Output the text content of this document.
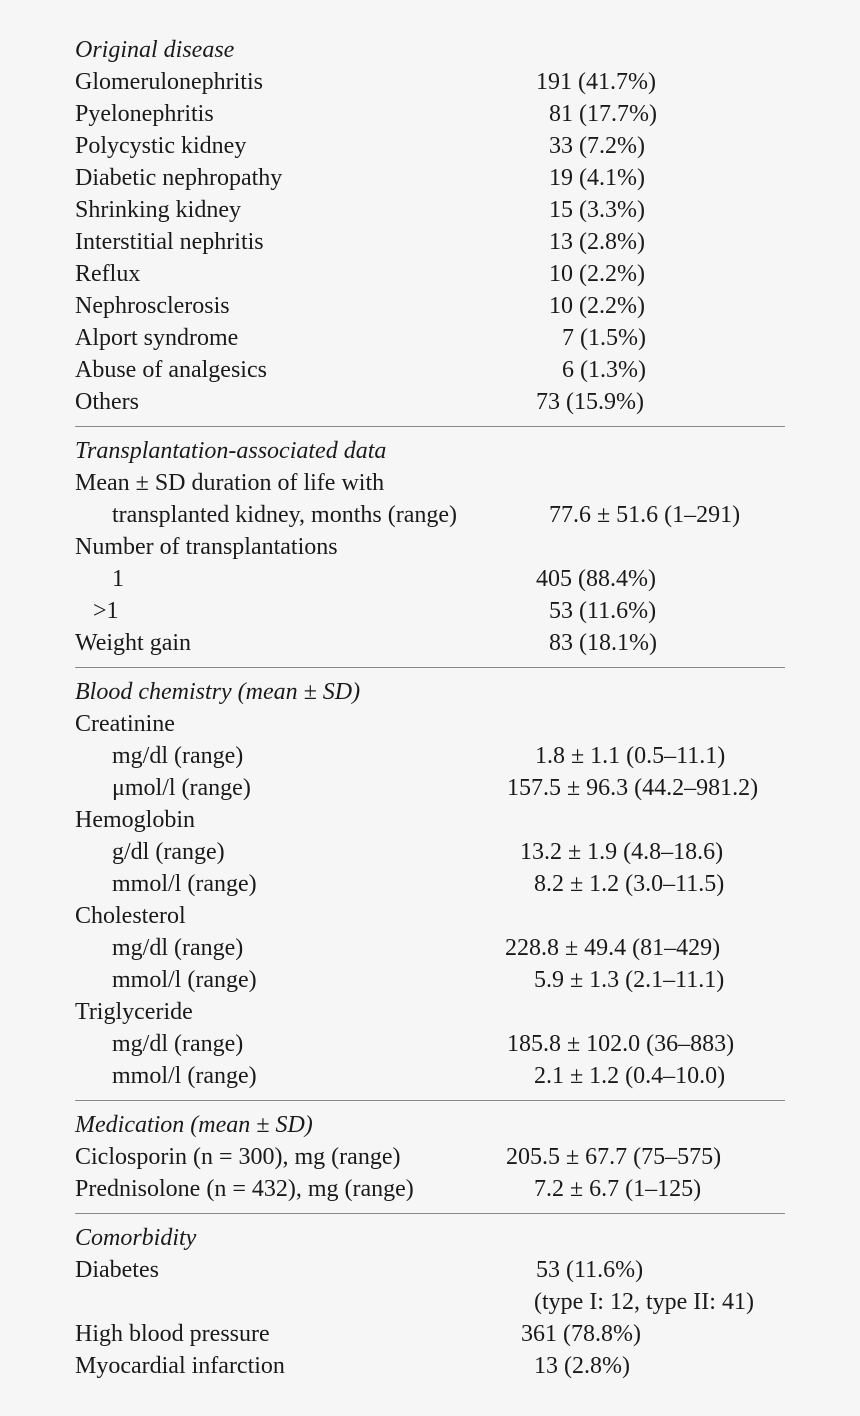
Original disease
Glomerulonephritis	191 (41.7%)
Pyelonephritis	81 (17.7%)
Polycystic kidney	33 (7.2%)
Diabetic nephropathy	19 (4.1%)
Shrinking kidney	15 (3.3%)
Interstitial nephritis	13 (2.8%)
Reflux	10 (2.2%)
Nephrosclerosis	10 (2.2%)
Alport syndrome	7 (1.5%)
Abuse of analgesics	6 (1.3%)
Others	73 (15.9%)
Transplantation-associated data
Mean ± SD duration of life with
transplanted kidney, months (range)	77.6 ± 51.6 (1–291)
Number of transplantations
1	405 (88.4%)
>1	53 (11.6%)
Weight gain	83 (18.1%)
Blood chemistry (mean ± SD)
Creatinine
mg/dl (range)	1.8 ± 1.1 (0.5–11.1)
μmol/l (range)	157.5 ± 96.3 (44.2–981.2)
Hemoglobin
g/dl (range)	13.2 ± 1.9 (4.8–18.6)
mmol/l (range)	8.2 ± 1.2 (3.0–11.5)
Cholesterol
mg/dl (range)	228.8 ± 49.4 (81–429)
mmol/l (range)	5.9 ± 1.3 (2.1–11.1)
Triglyceride
mg/dl (range)	185.8 ± 102.0 (36–883)
mmol/l (range)	2.1 ± 1.2 (0.4–10.0)
Medication (mean ± SD)
Ciclosporin (n = 300), mg (range)	205.5 ± 67.7 (75–575)
Prednisolone (n = 432), mg (range)	7.2 ± 6.7 (1–125)
Comorbidity
Diabetes	53 (11.6%)
(type I: 12, type II: 41)
High blood pressure	361 (78.8%)
Myocardial infarction	13 (2.8%)
